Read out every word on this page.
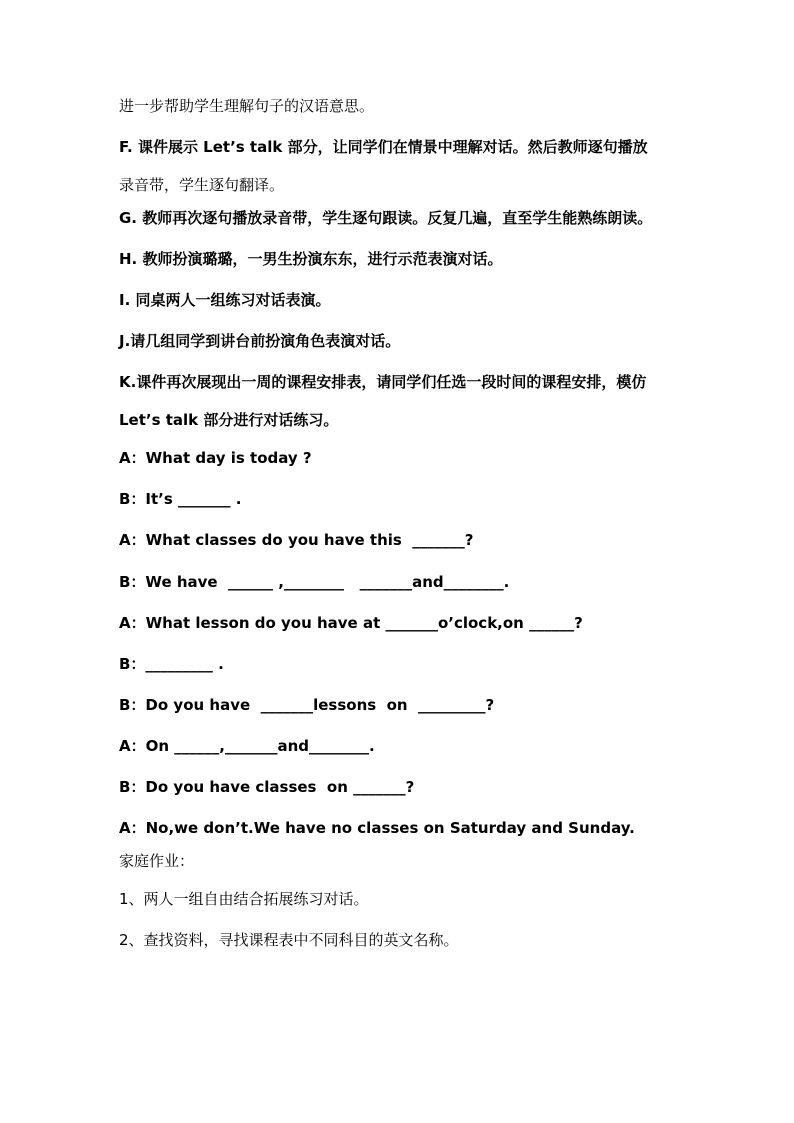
进一步帮助学生理解句子的汉语意思。

F. 课件展示 Let’s talk 部分，让同学们在情景中理解对话。然后教师逐句播放

录音带，学生逐句翻译。

G. 教师再次逐句播放录音带，学生逐句跟读。反复几遍，直至学生能熟练朗读。

H. 教师扮演璐璐，一男生扮演东东，进行示范表演对话。

I. 同桌两人一组练习对话表演。

J.请几组同学到讲台前扮演角色表演对话。

K.课件再次展现出一周的课程安排表，请同学们任选一段时间的课程安排，模仿

Let’s talk 部分进行对话练习。

A：What day is today ?

B：It’s _______ .

A：What classes do you have this  _______?

B：We have  ______ ,________   _______and________.

A：What lesson do you have at _______o’clock,on ______?

B：_________ .

B：Do you have  _______lessons  on  _________?

A：On ______,_______and________.

B：Do you have classes  on _______?

A：No,we don’t.We have no classes on Saturday and Sunday.

家庭作业：

1、两人一组自由结合拓展练习对话。

2、查找资料，寻找课程表中不同科目的英文名称。
